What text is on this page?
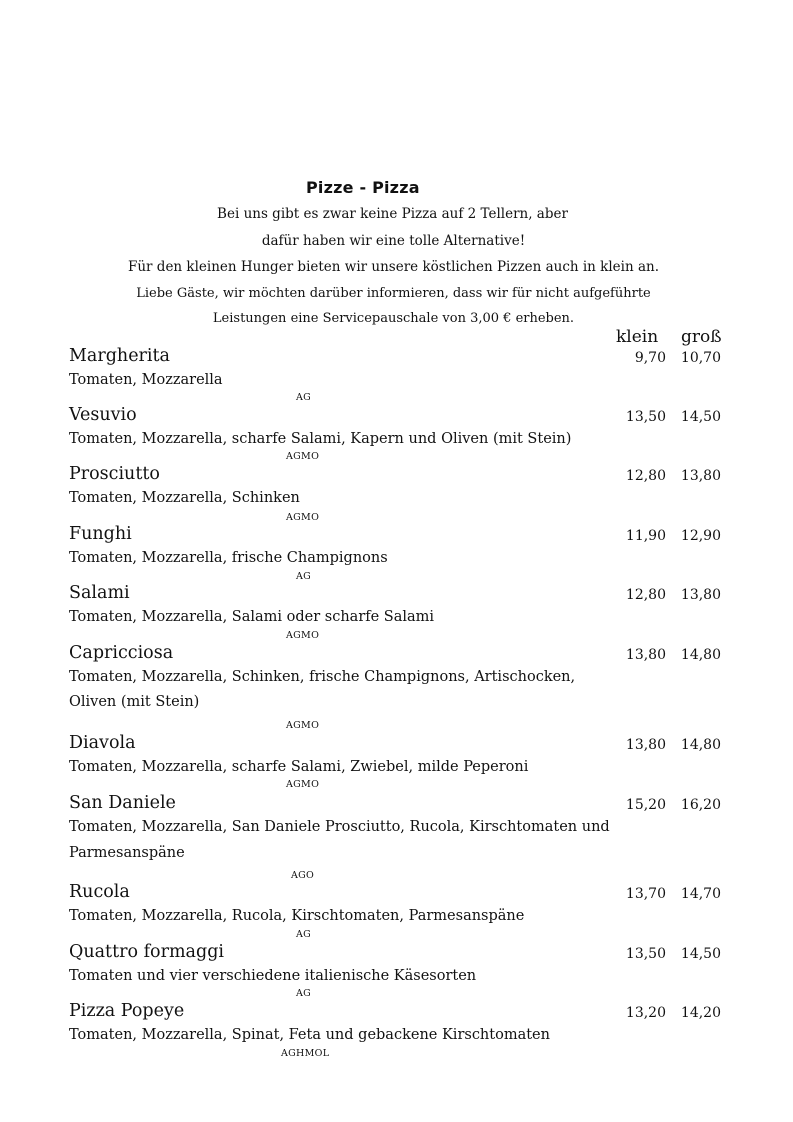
Pizze - Pizza
Bei uns gibt es zwar keine Pizza auf 2 Tellern, aber
dafür haben wir eine tolle Alternative!
Für den kleinen Hunger bieten wir unsere köstlichen Pizzen auch in klein an.
Liebe Gäste, wir möchten darüber informieren, dass wir für nicht aufgeführte
Leistungen eine Servicepauschale von 3,00 € erheben.
klein groß
Margherita	9,70	10,70
Tomaten, Mozzarella
AG
Vesuvio	13,50	14,50
Tomaten, Mozzarella, scharfe Salami, Kapern und Oliven (mit Stein)
AGMO
Prosciutto	12,80	13,80
Tomaten, Mozzarella, Schinken
AGMO
Funghi	11,90	12,90
Tomaten, Mozzarella, frische Champignons
AG
Salami	12,80	13,80
Tomaten, Mozzarella, Salami oder scharfe Salami
AGMO
Capricciosa	13,80	14,80
Tomaten, Mozzarella, Schinken, frische Champignons, Artischocken,
Oliven (mit Stein)
AGMO
Diavola	13,80	14,80
Tomaten, Mozzarella, scharfe Salami, Zwiebel, milde Peperoni
AGMO
San Daniele	15,20	16,20
Tomaten, Mozzarella, San Daniele Prosciutto, Rucola, Kirschtomaten und
Parmesanspäne
AGO
Rucola	13,70	14,70
Tomaten, Mozzarella, Rucola, Kirschtomaten, Parmesanspäne
AG
Quattro formaggi	13,50	14,50
Tomaten und vier verschiedene italienische Käsesorten
AG
Pizza Popeye	13,20	14,20
Tomaten, Mozzarella, Spinat, Feta und gebackene Kirschtomaten
AGHMOL
